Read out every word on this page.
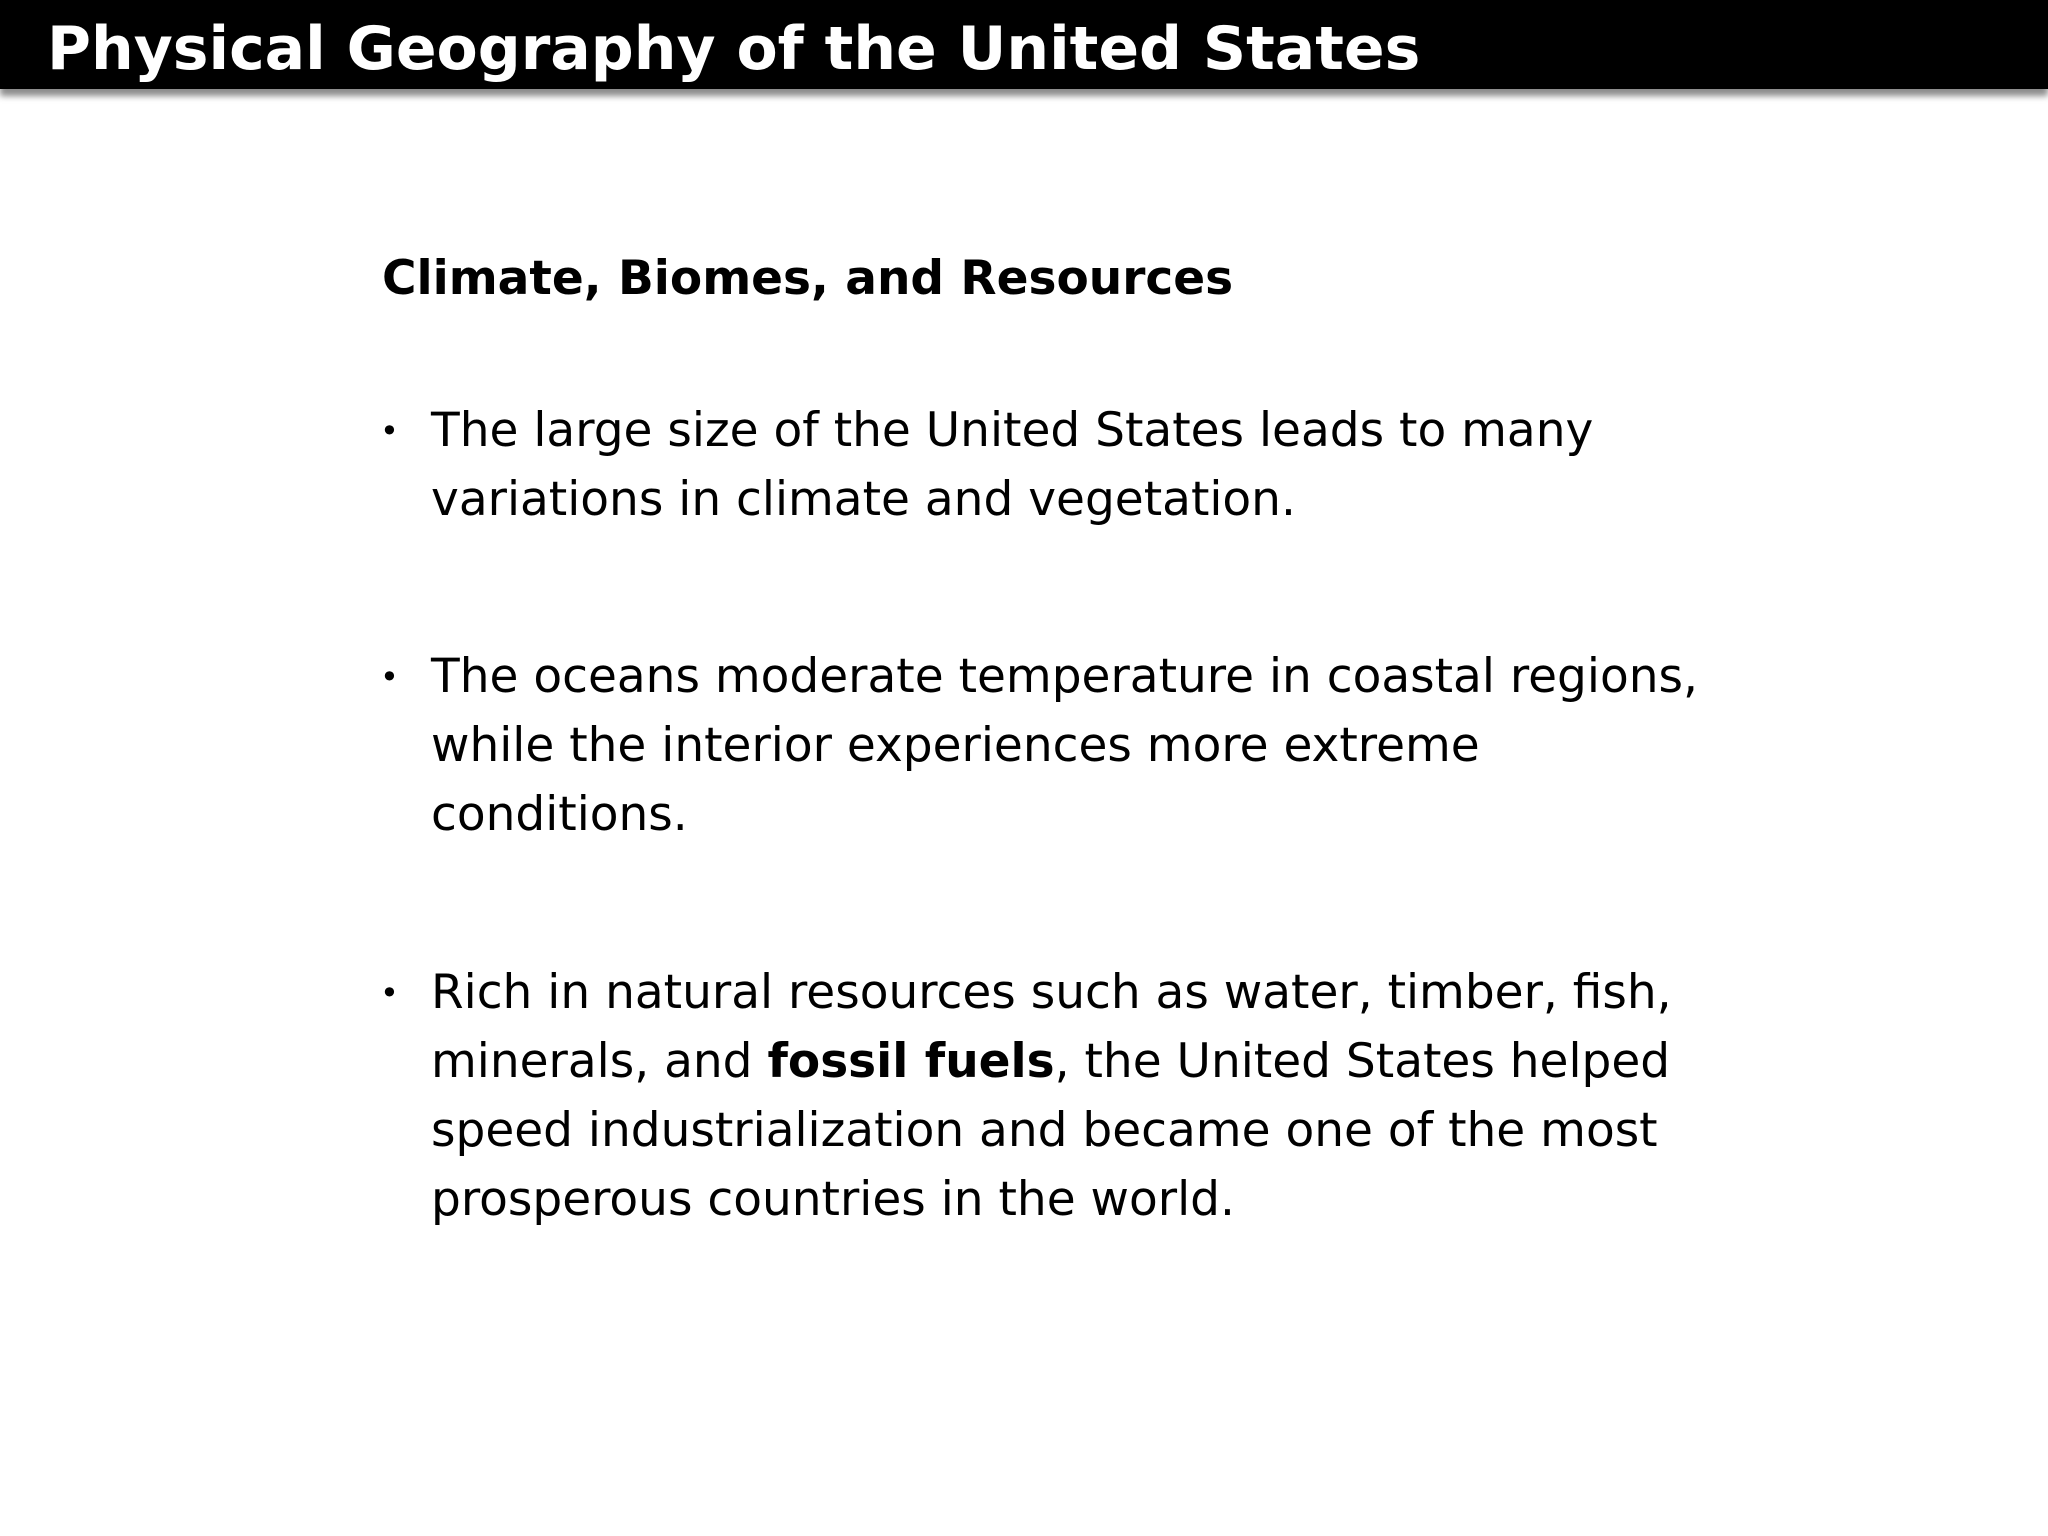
Physical Geography of the United States
Climate, Biomes, and Resources
• The large size of the United States leads to many variations in climate and vegetation.
• The oceans moderate temperature in coastal regions, while the interior experiences more extreme conditions.
• Rich in natural resources such as water, timber, fish, minerals, and fossil fuels, the United States helped speed industrialization and became one of the most prosperous countries in the world.
